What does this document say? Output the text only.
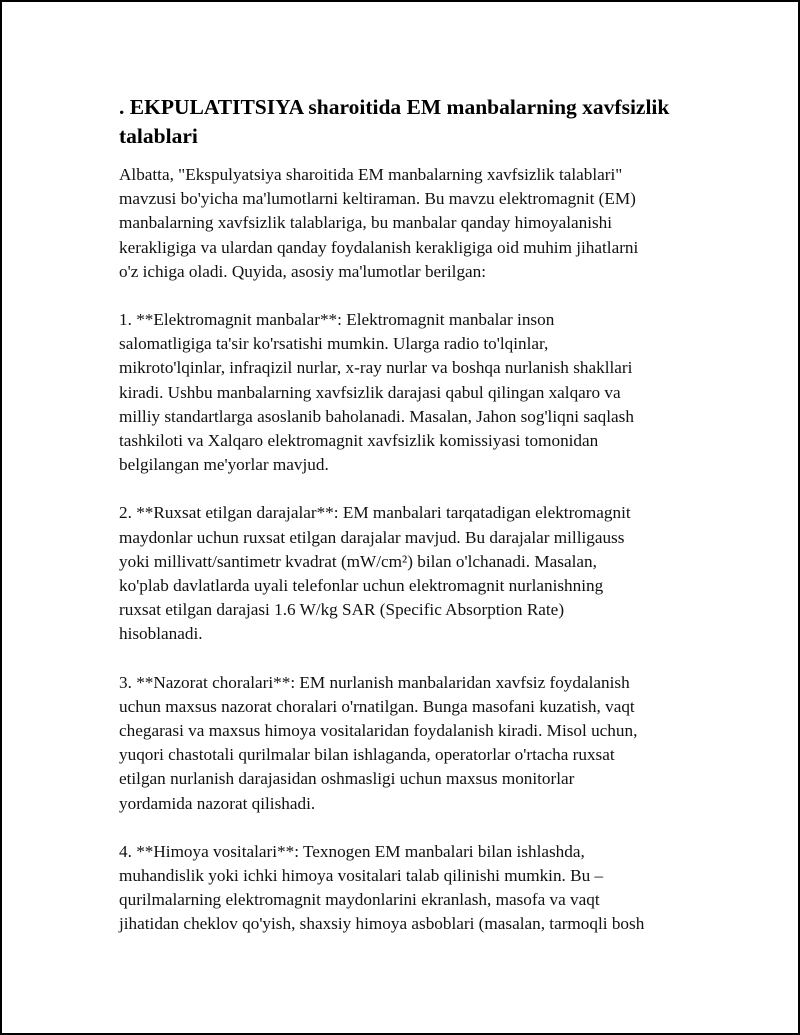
. EKPULATITSIYA sharoitida EM manbalarning xavfsizlik talablari

Albatta, "Ekspulyatsiya sharoitida EM manbalarning xavfsizlik talablari"
mavzusi bo'yicha ma'lumotlarni keltiraman. Bu mavzu elektromagnit (EM)
manbalarning xavfsizlik talablariga, bu manbalar qanday himoyalanishi
kerakligiga va ulardan qanday foydalanish kerakligiga oid muhim jihatlarni
o'z ichiga oladi. Quyida, asosiy ma'lumotlar berilgan:

1. **Elektromagnit manbalar**: Elektromagnit manbalar inson
salomatligiga ta'sir ko'rsatishi mumkin. Ularga radio to'lqinlar,
mikroto'lqinlar, infraqizil nurlar, x-ray nurlar va boshqa nurlanish shakllari
kiradi. Ushbu manbalarning xavfsizlik darajasi qabul qilingan xalqaro va
milliy standartlarga asoslanib baholanadi. Masalan, Jahon sog'liqni saqlash
tashkiloti va Xalqaro elektromagnit xavfsizlik komissiyasi tomonidan
belgilangan me'yorlar mavjud.

2. **Ruxsat etilgan darajalar**: EM manbalari tarqatadigan elektromagnit
maydonlar uchun ruxsat etilgan darajalar mavjud. Bu darajalar milligauss
yoki millivatt/santimetr kvadrat (mW/cm²) bilan o'lchanadi. Masalan,
ko'plab davlatlarda uyali telefonlar uchun elektromagnit nurlanishning
ruxsat etilgan darajasi 1.6 W/kg SAR (Specific Absorption Rate)
hisoblanadi.

3. **Nazorat choralari**: EM nurlanish manbalaridan xavfsiz foydalanish
uchun maxsus nazorat choralari o'rnatilgan. Bunga masofani kuzatish, vaqt
chegarasi va maxsus himoya vositalaridan foydalanish kiradi. Misol uchun,
yuqori chastotali qurilmalar bilan ishlaganda, operatorlar o'rtacha ruxsat
etilgan nurlanish darajasidan oshmasligi uchun maxsus monitorlar
yordamida nazorat qilishadi.

4. **Himoya vositalari**: Texnogen EM manbalari bilan ishlashda,
muhandislik yoki ichki himoya vositalari talab qilinishi mumkin. Bu –
qurilmalarning elektromagnit maydonlarini ekranlash, masofa va vaqt
jihatidan cheklov qo'yish, shaxsiy himoya asboblari (masalan, tarmoqli bosh
